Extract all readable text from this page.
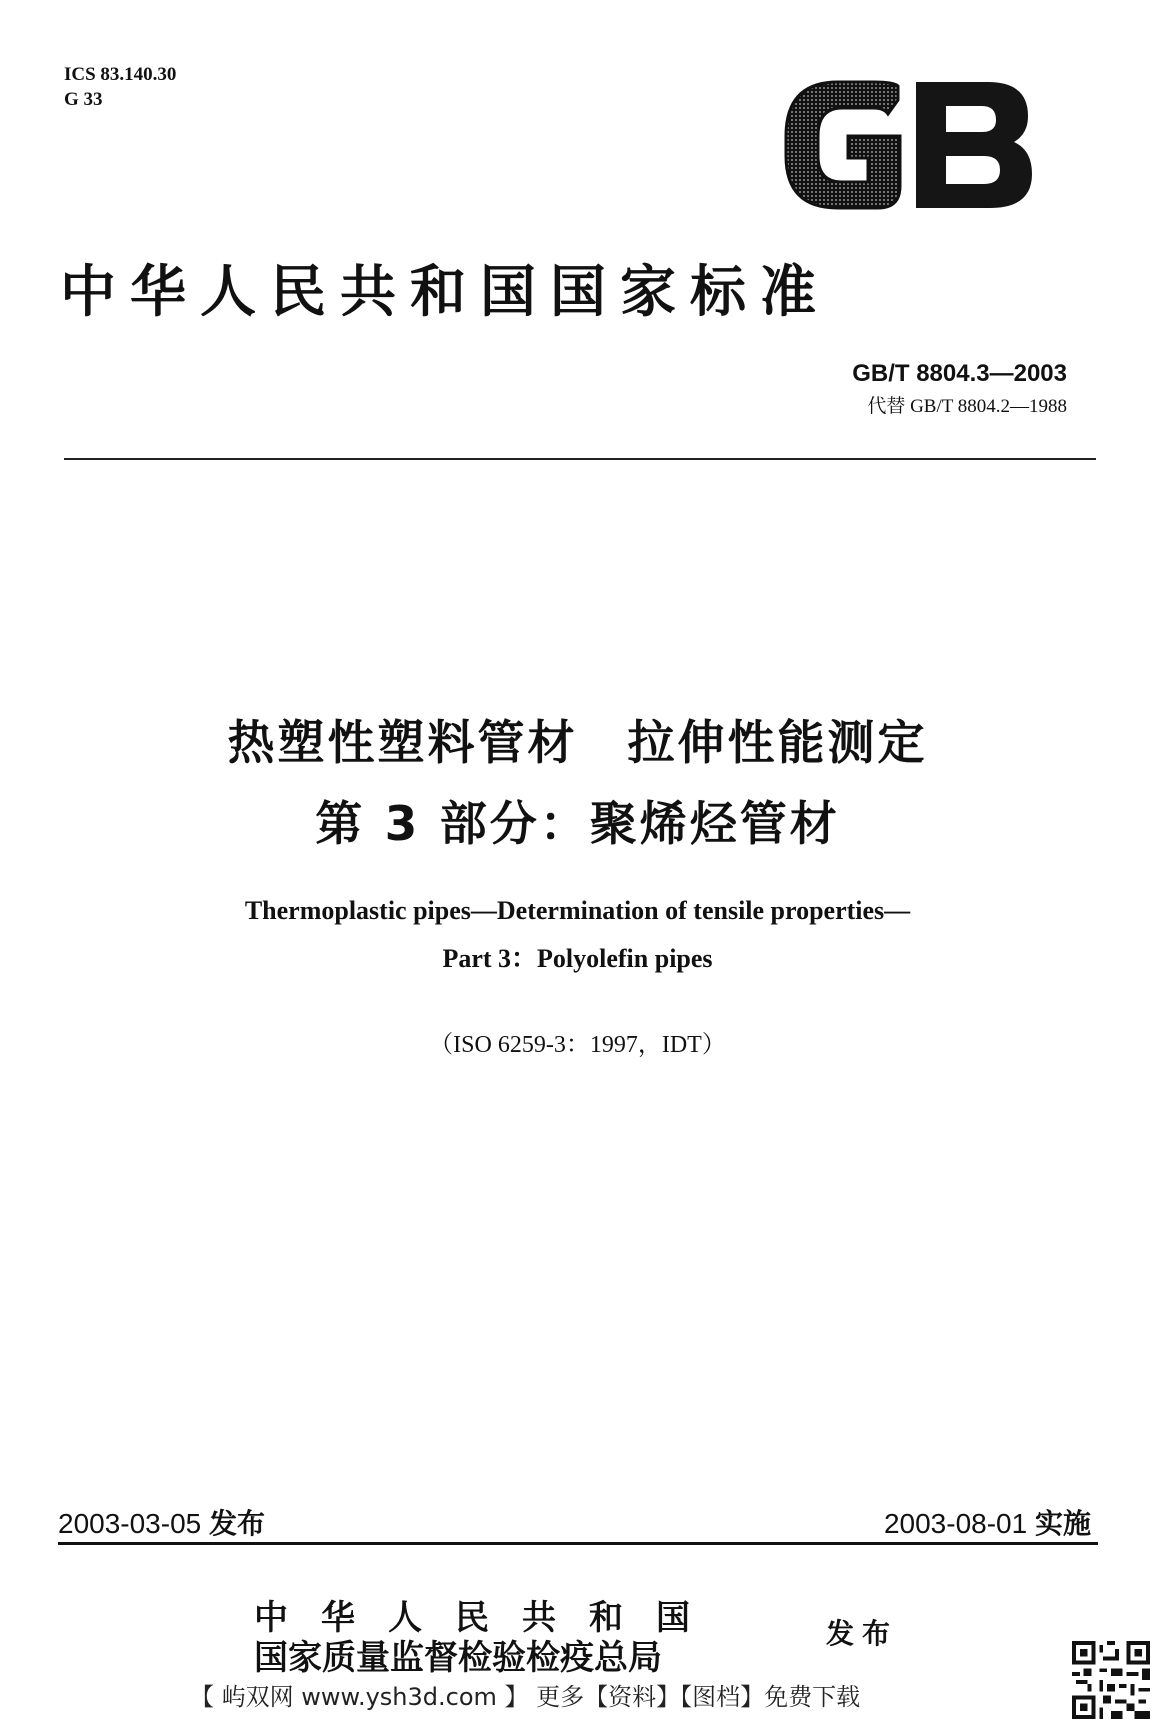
ICS 83.140.30
G 33
中华人民共和国国家标准
GB/T 8804.3—2003
代替 GB/T 8804.2—1988
热塑性塑料管材　拉伸性能测定
第 3 部分：聚烯烃管材
Thermoplastic pipes—Determination of tensile properties—
Part 3：Polyolefin pipes
（ISO 6259-3：1997，IDT）
2003-03-05 发布	2003-08-01 实施
中华人民共和国
国家质量监督检验检疫总局
发布
【 屿双网 www.ysh3d.com 】 更多【资料】【图档】免费下载
